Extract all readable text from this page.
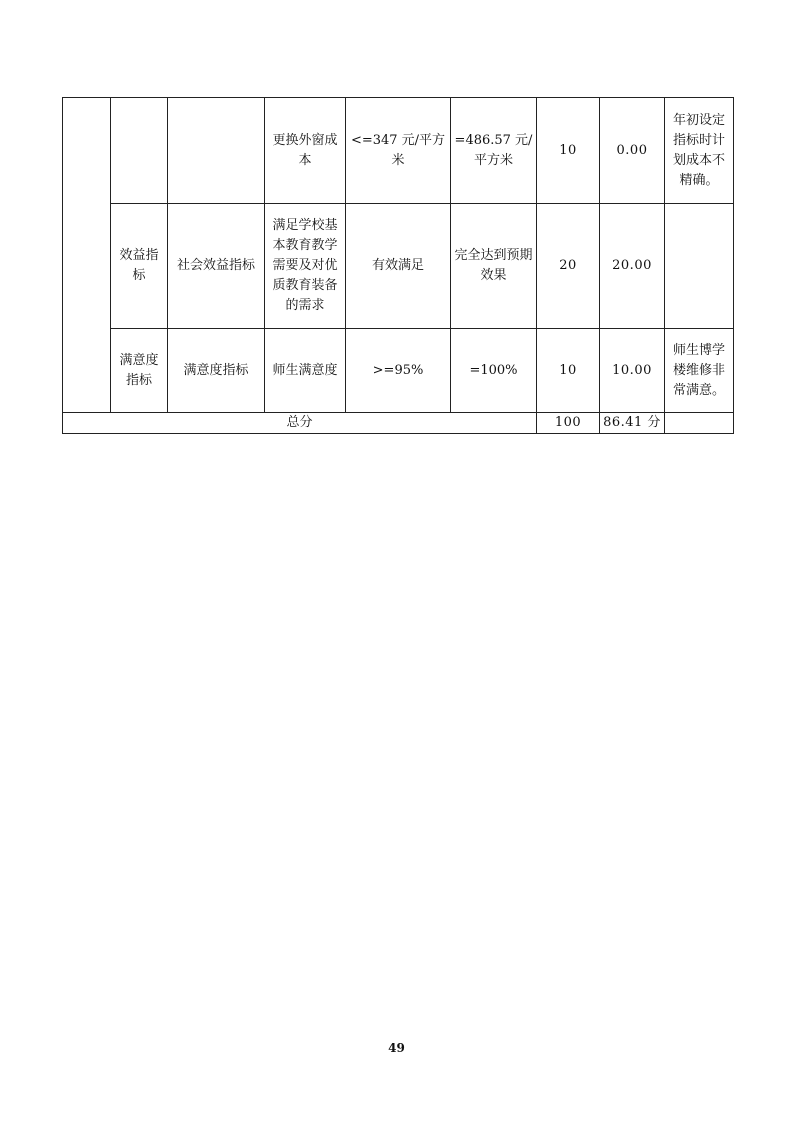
			更换外窗成本	<=347 元/平方米	=486.57 元/平方米	10	0.00	年初设定指标时计划成本不精确。
	效益指标	社会效益指标	满足学校基本教育教学需要及对优质教育装备的需求	有效满足	完全达到预期效果	20	20.00	
	满意度指标	满意度指标	师生满意度	>=95%	=100%	10	10.00	师生博学楼维修非常满意。
总分						100	86.41 分	
49
